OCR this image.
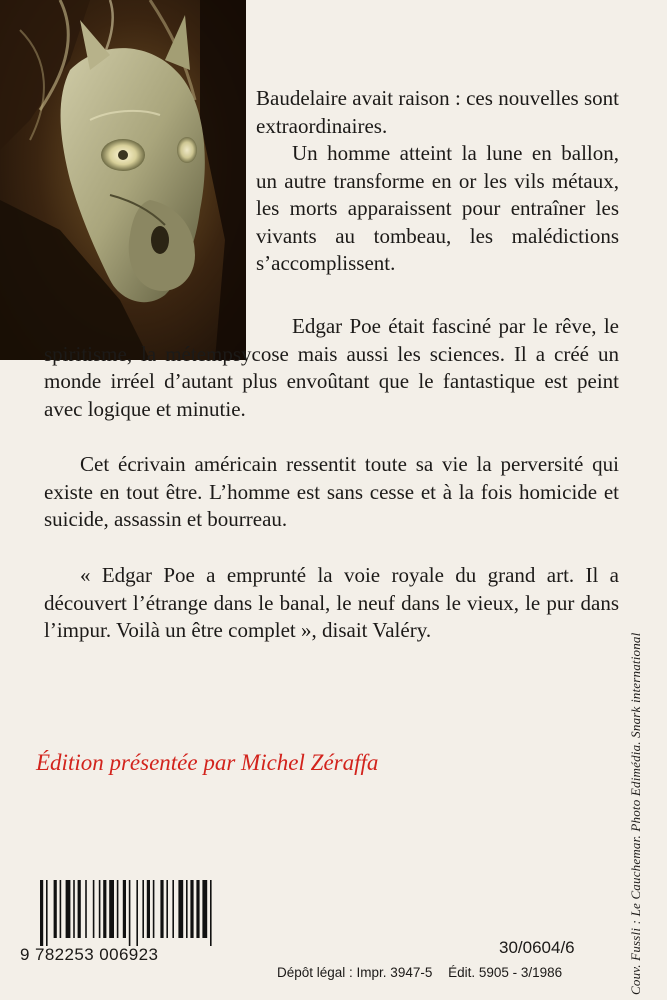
Baudelaire avait raison : ces nouvelles sont extraordinaires.

Un homme atteint la lune en ballon, un autre transforme en or les vils métaux, les morts apparaissent pour entraîner les vivants au tombeau, les malédictions s’accomplissent.

Edgar Poe était fasciné par le rêve, le spiritisme, la métempsycose mais aussi les sciences. Il a créé un monde irréel d’autant plus envoûtant que le fantastique est peint avec logique et minutie.

Cet écrivain américain ressentit toute sa vie la perversité qui existe en tout être. L’homme est sans cesse et à la fois homicide et suicide, assassin et bourreau.

« Edgar Poe a emprunté la voie royale du grand art. Il a découvert l’étrange dans le banal, le neuf dans le vieux, le pur dans l’impur. Voilà un être complet », disait Valéry.

Édition présentée par Michel Zéraffa	Couv. Fussli : Le Cauchemar. Photo Edimédia. Snark international
9 782253 006923	30/0604/6
Dépôt légal : Impr. 3947-5 Édit. 5905 - 3/1986
